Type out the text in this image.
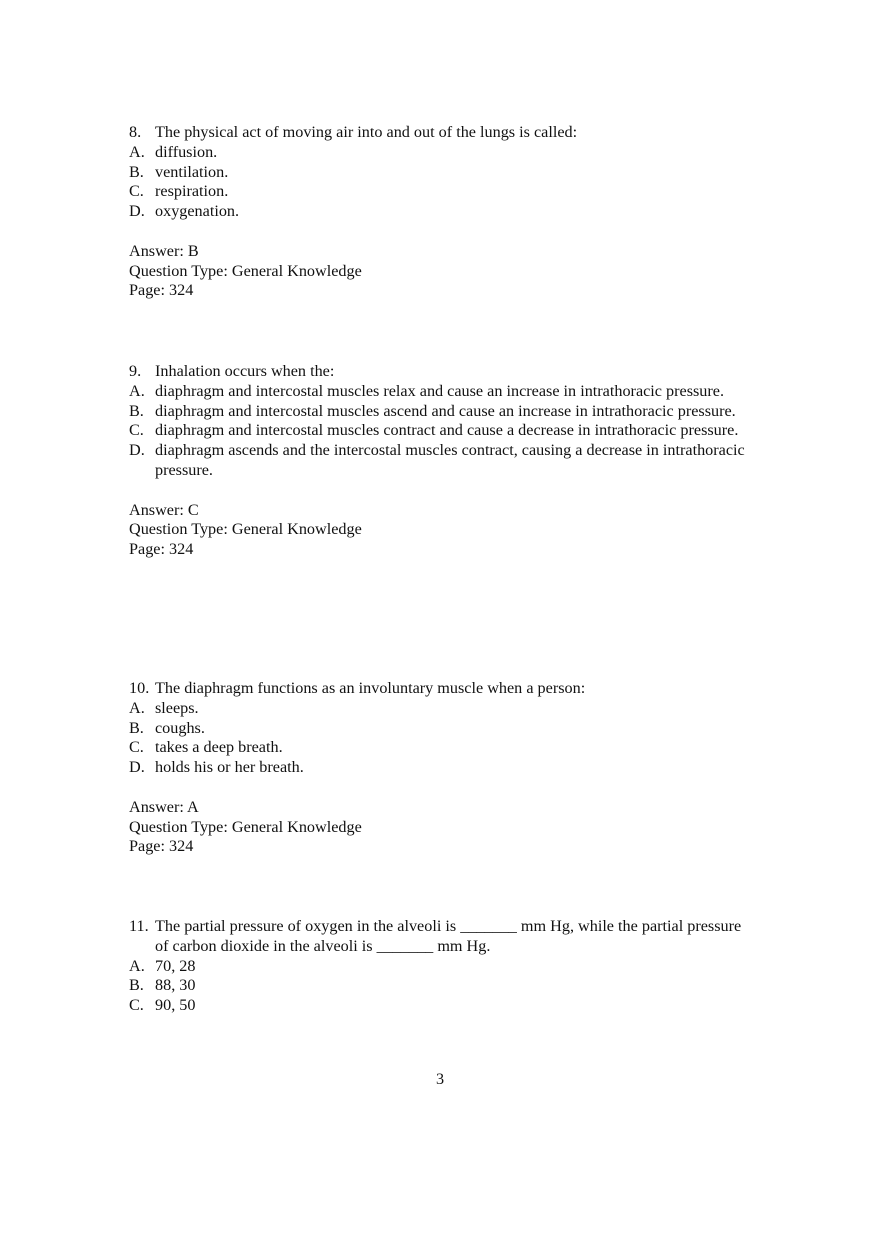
8. The physical act of moving air into and out of the lungs is called:
A. diffusion.
B. ventilation.
C. respiration.
D. oxygenation.
Answer: B
Question Type: General Knowledge
Page: 324
9. Inhalation occurs when the:
A. diaphragm and intercostal muscles relax and cause an increase in intrathoracic pressure.
B. diaphragm and intercostal muscles ascend and cause an increase in intrathoracic pressure.
C. diaphragm and intercostal muscles contract and cause a decrease in intrathoracic pressure.
D. diaphragm ascends and the intercostal muscles contract, causing a decrease in intrathoracic pressure.
Answer: C
Question Type: General Knowledge
Page: 324
10. The diaphragm functions as an involuntary muscle when a person:
A. sleeps.
B. coughs.
C. takes a deep breath.
D. holds his or her breath.
Answer: A
Question Type: General Knowledge
Page: 324
11. The partial pressure of oxygen in the alveoli is _______ mm Hg, while the partial pressure of carbon dioxide in the alveoli is _______ mm Hg.
A. 70, 28
B. 88, 30
C. 90, 50
3
